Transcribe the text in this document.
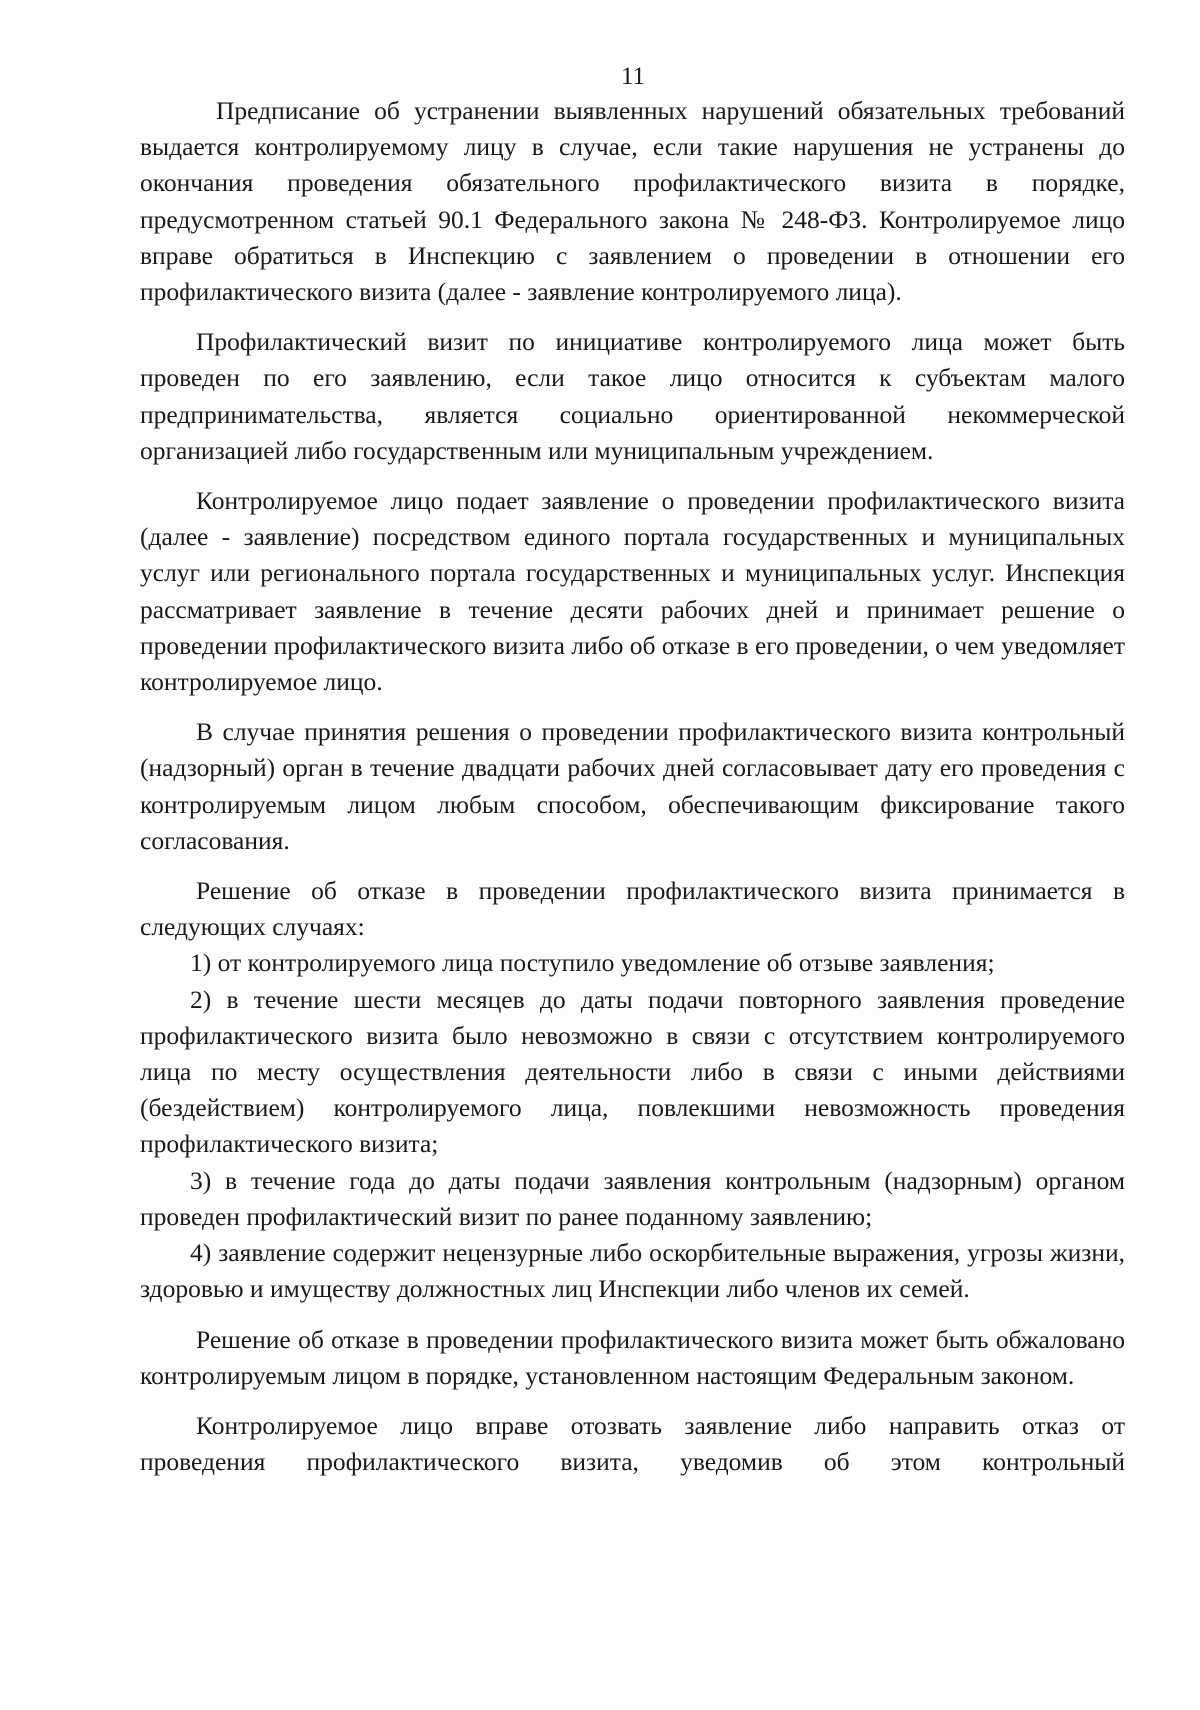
11

Предписание об устранении выявленных нарушений обязательных требований выдается контролируемому лицу в случае, если такие нарушения не устранены до окончания проведения обязательного профилактического визита в порядке, предусмотренном статьей 90.1 Федерального закона № 248-ФЗ. Контролируемое лицо вправе обратиться в Инспекцию с заявлением о проведении в отношении его профилактического визита (далее - заявление контролируемого лица).

Профилактический визит по инициативе контролируемого лица может быть проведен по его заявлению, если такое лицо относится к субъектам малого предпринимательства, является социально ориентированной некоммерческой организацией либо государственным или муниципальным учреждением.

Контролируемое лицо подает заявление о проведении профилактического визита (далее - заявление) посредством единого портала государственных и муниципальных услуг или регионального портала государственных и муниципальных услуг. Инспекция рассматривает заявление в течение десяти рабочих дней и принимает решение о проведении профилактического визита либо об отказе в его проведении, о чем уведомляет контролируемое лицо.

В случае принятия решения о проведении профилактического визита контрольный (надзорный) орган в течение двадцати рабочих дней согласовывает дату его проведения с контролируемым лицом любым способом, обеспечивающим фиксирование такого согласования.

Решение об отказе в проведении профилактического визита принимается в следующих случаях:

1) от контролируемого лица поступило уведомление об отзыве заявления;

2) в течение шести месяцев до даты подачи повторного заявления проведение профилактического визита было невозможно в связи с отсутствием контролируемого лица по месту осуществления деятельности либо в связи с иными действиями (бездействием) контролируемого лица, повлекшими невозможность проведения профилактического визита;

3) в течение года до даты подачи заявления контрольным (надзорным) органом проведен профилактический визит по ранее поданному заявлению;

4) заявление содержит нецензурные либо оскорбительные выражения, угрозы жизни, здоровью и имуществу должностных лиц Инспекции либо членов их семей.

Решение об отказе в проведении профилактического визита может быть обжаловано контролируемым лицом в порядке, установленном настоящим Федеральным законом.

Контролируемое лицо вправе отозвать заявление либо направить отказ от проведения профилактического визита, уведомив об этом контрольный
